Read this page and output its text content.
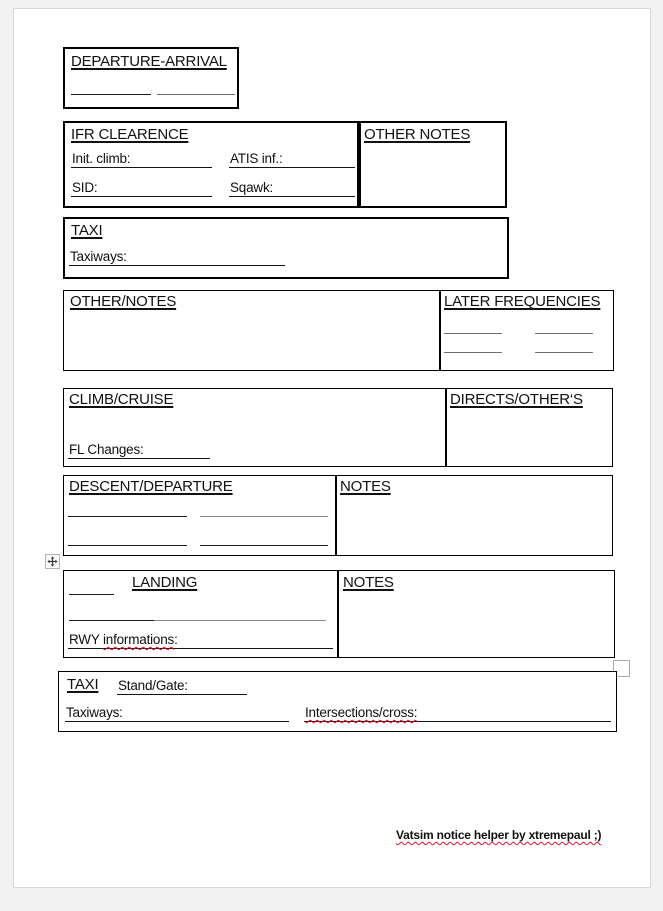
DEPARTURE-ARRIVAL
IFR CLEARENCE
Init. climb:	ATIS inf.:
SID:	Sqawk:
OTHER NOTES
TAXI
Taxiways:
OTHER/NOTES	LATER FREQUENCIES
CLIMB/CRUISE	DIRECTS/OTHER‘S
FL Changes:
DESCENT/DEPARTURE	NOTES
LANDING	NOTES
RWY informations:
TAXI Stand/Gate:
Taxiways:	Intersections/cross:
Vatsim notice helper by xtremepaul ;)
